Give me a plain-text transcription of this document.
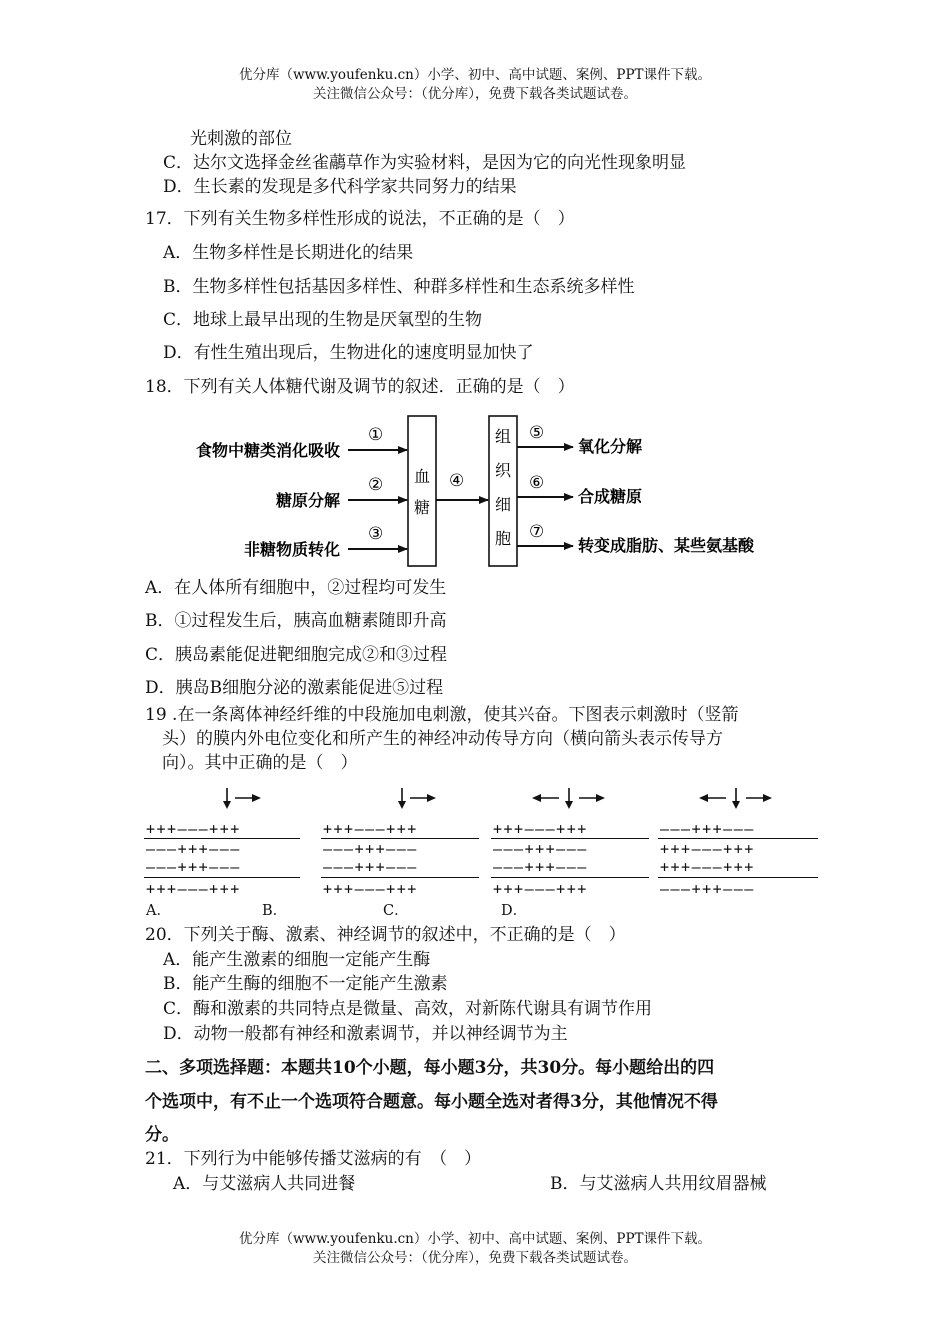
优分库（www.youfenku.cn）小学、初中、高中试题、案例、PPT课件下载。
关注微信公众号：（优分库），免费下载各类试题试卷。
光刺激的部位
C．达尔文选择金丝雀虉草作为实验材料，是因为它的向光性现象明显
D．生长素的发现是多代科学家共同努力的结果
17．下列有关生物多样性形成的说法，不正确的是（　）
A．生物多样性是长期进化的结果
B．生物多样性包括基因多样性、种群多样性和生态系统多样性
C．地球上最早出现的生物是厌氧型的生物
D．有性生殖出现后，生物进化的速度明显加快了
18．下列有关人体糖代谢及调节的叙述．正确的是（　）
食物中糖类消化吸收
糖原分解
非糖物质转化
①
②
③
血
糖
④
组
织
细
胞
⑤
⑥
⑦
氧化分解
合成糖原
转变成脂肪、某些氨基酸
A．在人体所有细胞中，②过程均可发生
B．①过程发生后，胰高血糖素随即升高
C．胰岛素能促进靶细胞完成②和③过程
D．胰岛B细胞分泌的激素能促进⑤过程
19 .在一条离体神经纤维的中段施加电刺激，使其兴奋。下图表示刺激时（竖箭
头）的膜内外电位变化和所产生的神经冲动传导方向（横向箭头表示传导方
向）。其中正确的是（　）
+++———+++
———+++———
———+++———
+++———+++
A．
+++———+++
———+++———
———+++———
+++———+++
B．
+++———+++
———+++———
———+++———
+++———+++
C．
———+++———
+++———+++
+++———+++
———+++———
D．
20．下列关于酶、激素、神经调节的叙述中，不正确的是（　）
A．能产生激素的细胞一定能产生酶
B．能产生酶的细胞不一定能产生激素
C．酶和激素的共同特点是微量、高效，对新陈代谢具有调节作用
D．动物一般都有神经和激素调节，并以神经调节为主
二、多项选择题：本题共10个小题，每小题3分，共30分。每小题给出的四
个选项中，有不止一个选项符合题意。每小题全选对者得3分，其他情况不得
分。
21．下列行为中能够传播艾滋病的有　（　）
A．与艾滋病人共同进餐	B．与艾滋病人共用纹眉器械
优分库（www.youfenku.cn）小学、初中、高中试题、案例、PPT课件下载。
关注微信公众号：（优分库），免费下载各类试题试卷。
